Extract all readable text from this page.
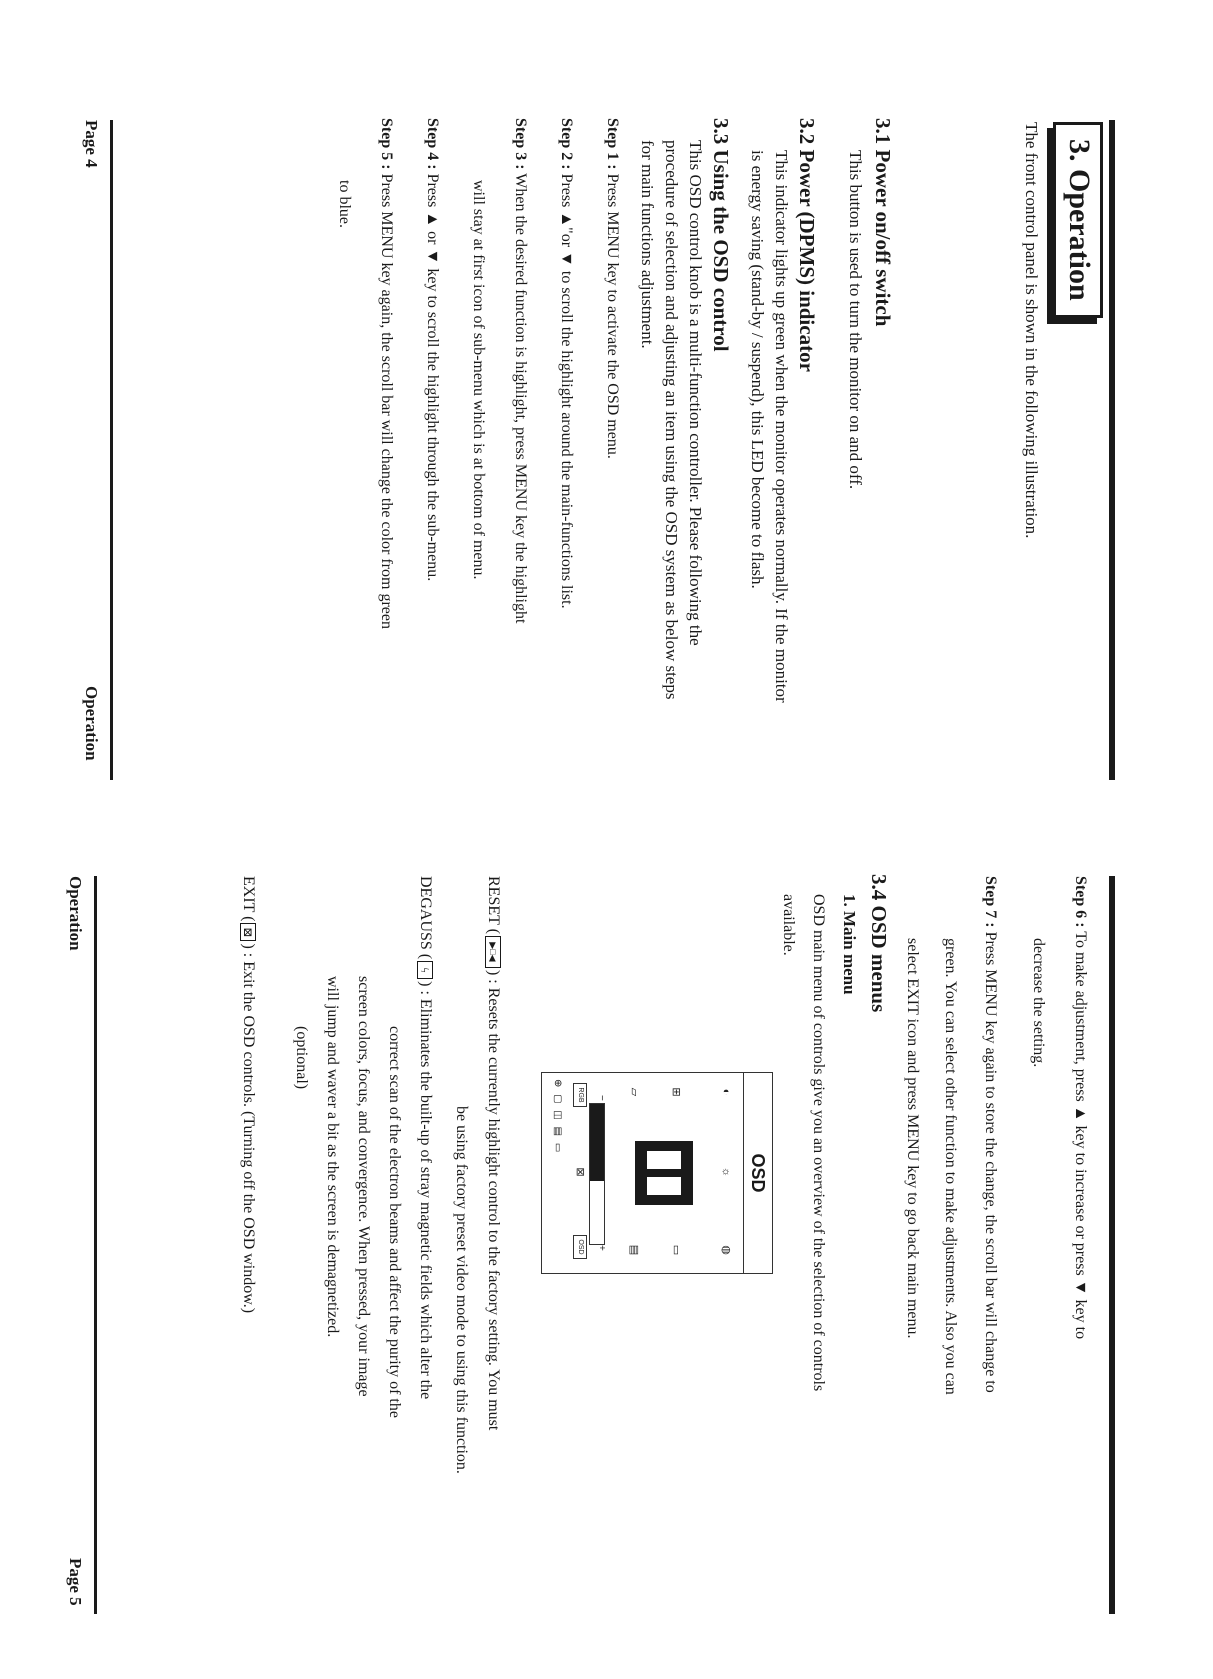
3. Operation
The front control panel is shown in the following illustration.
3.1 Power on/off switch
This button is used to turn the monitor on and off.
3.2 Power (DPMS) indicator
This indicator lights up green when the monitor operates normally. If the monitor
is energy saving (stand-by / suspend), this LED become to flash.
3.3 Using the OSD control
This OSD control knob is a multi-function controller. Please following the
procedure of selection and adjusting an item using the OSD system as below steps
for main functions adjustment.
Step 1 : Press MENU key to activate the OSD menu.
Step 2 : Press ▲"or ▼ to scroll the highlight around the main-functions list.
Step 3 : When the desired function is highlight, press MENU key the highlight
will stay at first icon of sub-menu which is at bottom of menu.
Step 4 : Press ▲ or ▼ key to scroll the highlight through the sub-menu.
Step 5 : Press MENU key again, the scroll bar will change the color from green
to blue.
Page 4
Operation
Step 6 : To make adjustment, press ▲ key to increase or press ▼ key to
decrease the setting.
Step 7 : Press MENU key again to store the change, the scroll bar will change to
green. You can select other function to make adjustments. Also you can
select EXIT icon and press MENU key to go back main menu.
3.4 OSD menus
1. Main menu
OSD main menu of controls give you an overview of the selection of controls
available.
OSD
◐
☼
◍
⊞
▭
▱
▤
−
+
RGB
⊠
OSD
⊕ ▢ ◫ ▤ ▭
RESET (▶□◀) : Resets the currently highlight control to the factory setting. You must
be using factory preset video mode to using this function.
DEGAUSS (ϟ) : Eliminates the built-up of stray magnetic fields which alter the
correct scan of the electron beams and affect the purity of the
screen colors, focus, and convergence. When pressed, your image
will jump and waver a bit as the screen is demagnetized.
(optional)
EXIT (⊠) : Exit the OSD controls. (Turning off the OSD window.)
Operation
Page 5
